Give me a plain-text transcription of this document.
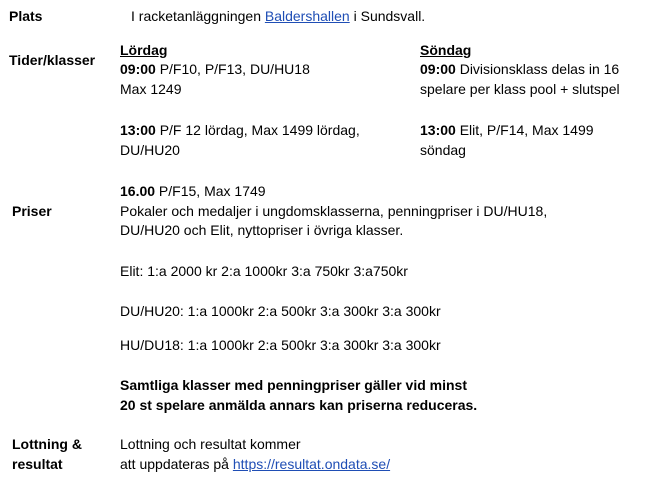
Plats	I racketanläggningen Baldershallen i Sundsvall.
Tider/klasser
Lördag
09:00 P/F10, P/F13, DU/HU18
Max 1249
13:00 P/F 12 lördag, Max 1499 lördag,
DU/HU20
16.00 P/F15, Max 1749
Söndag
09:00 Divisionsklass delas in 16
spelare per klass pool + slutspel
13:00 Elit, P/F14, Max 1499
söndag
Priser	Pokaler och medaljer i ungdomsklasserna, penningpriser i DU/HU18,
DU/HU20 och Elit, nyttopriser i övriga klasser.
Elit: 1:a 2000 kr 2:a 1000kr 3:a 750kr 3:a750kr
DU/HU20: 1:a 1000kr 2:a 500kr 3:a 300kr 3:a 300kr
HU/DU18: 1:a 1000kr 2:a 500kr 3:a 300kr 3:a 300kr
Samtliga klasser med penningpriser gäller vid minst
20 st spelare anmälda annars kan priserna reduceras.
Lottning &
resultat
Lottning och resultat kommer
att uppdateras på https://resultat.ondata.se/
